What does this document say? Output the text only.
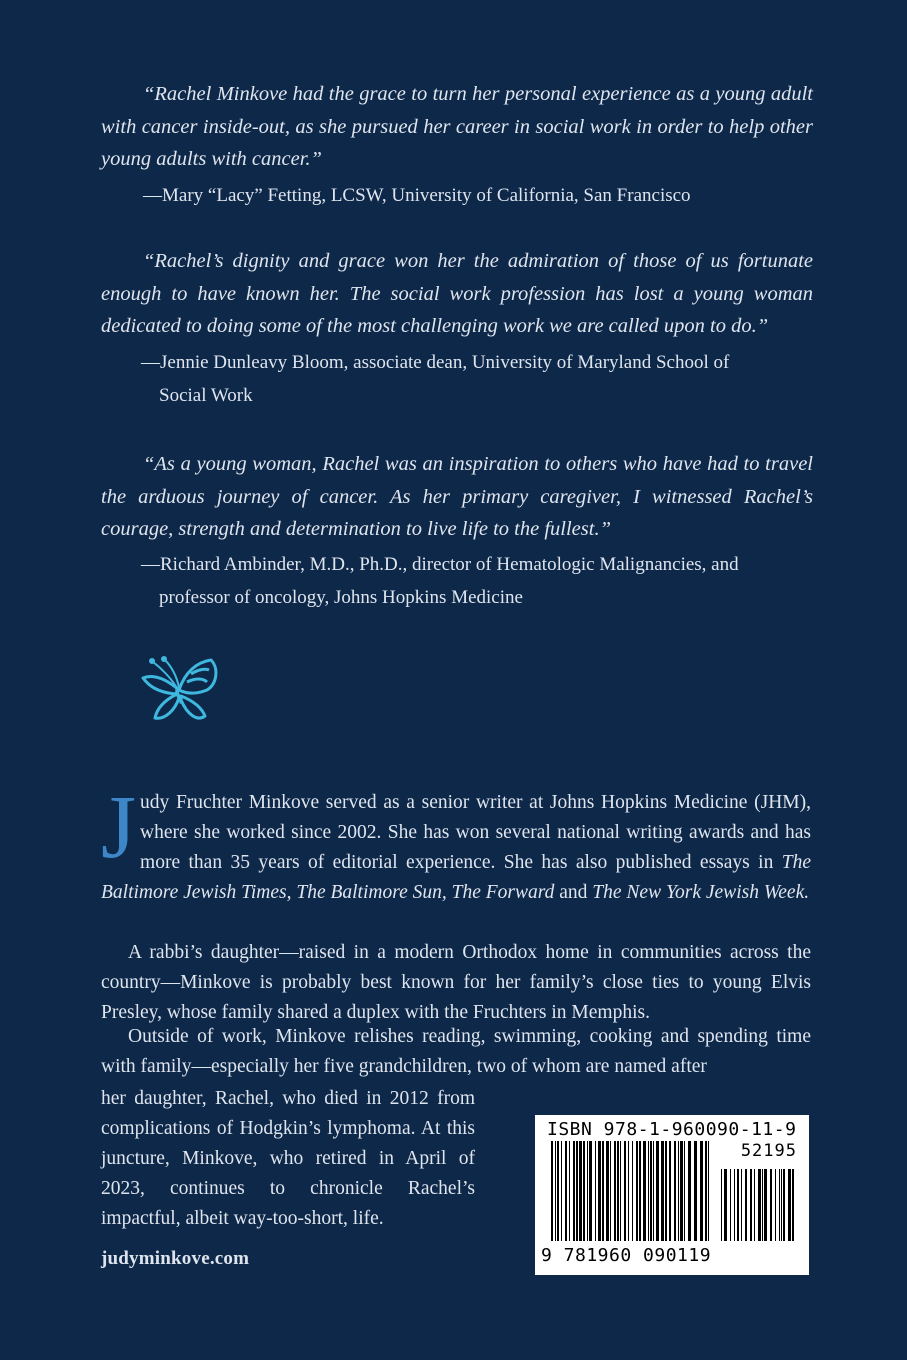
“Rachel Minkove had the grace to turn her personal experience as a young adult with cancer inside-out, as she pursued her career in social work in order to help other young adults with cancer.”
—Mary “Lacy” Fetting, LCSW, University of California, San Francisco
“Rachel’s dignity and grace won her the admiration of those of us fortunate enough to have known her. The social work profession has lost a young woman dedicated to doing some of the most challenging work we are called upon to do.”
—Jennie Dunleavy Bloom, associate dean, University of Maryland School of
Social Work
“As a young woman, Rachel was an inspiration to others who have had to travel the arduous journey of cancer. As her primary caregiver, I witnessed Rachel’s courage, strength and determination to live life to the fullest.”
—Richard Ambinder, M.D., Ph.D., director of Hematologic Malignancies, and
professor of oncology, Johns Hopkins Medicine
Judy Fruchter Minkove served as a senior writer at Johns Hopkins Medicine (JHM), where she worked since 2002. She has won several national writing awards and has more than 35 years of editorial experience. She has also published essays in The Baltimore Jewish Times, The Baltimore Sun, The Forward and The New York Jewish Week.
A rabbi’s daughter—raised in a modern Orthodox home in communities across the country—Minkove is probably best known for her family’s close ties to young Elvis Presley, whose family shared a duplex with the Fruchters in Memphis.
Outside of work, Minkove relishes reading, swimming, cooking and spending time with family—especially her five grandchildren, two of whom are named after
her daughter, Rachel, who died in 2012 from complications of Hodgkin’s lymphoma. At this juncture, Minkove, who retired in April of 2023, continues to chronicle Rachel’s impactful, albeit way-too-short, life.
judyminkove.com
ISBN 978-1-960090-11-9
52195
9 781960 090119
